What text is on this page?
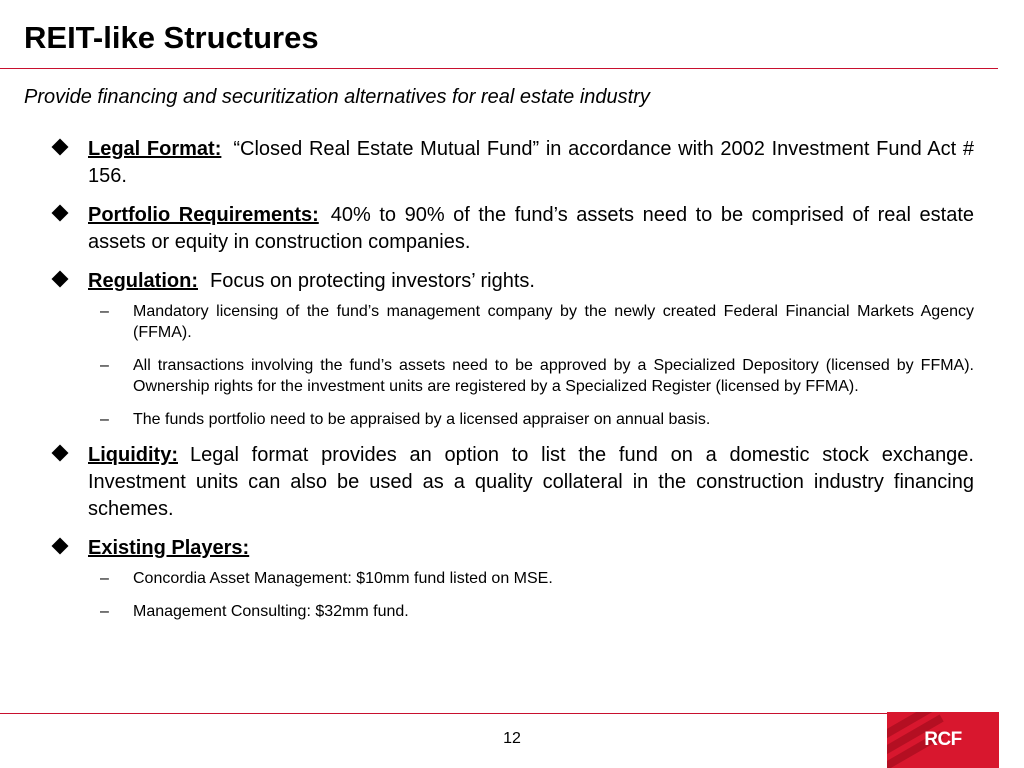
REIT-like Structures

Provide financing and securitization alternatives for real estate industry

Legal Format: “Closed Real Estate Mutual Fund” in accordance with 2002 Investment Fund Act # 156.

Portfolio Requirements: 40% to 90% of the fund’s assets need to be comprised of real estate assets or equity in construction companies.

Regulation: Focus on protecting investors’ rights.

– Mandatory licensing of the fund’s management company by the newly created Federal Financial Markets Agency (FFMA).
– All transactions involving the fund’s assets need to be approved by a Specialized Depository (licensed by FFMA). Ownership rights for the investment units are registered by a Specialized Register (licensed by FFMA).
– The funds portfolio need to be appraised by a licensed appraiser on annual basis.

Liquidity: Legal format provides an option to list the fund on a domestic stock exchange. Investment units can also be used as a quality collateral in the construction industry financing schemes.

Existing Players:

– Concordia Asset Management: $10mm fund listed on MSE.
– Management Consulting: $32mm fund.
12	RCF
